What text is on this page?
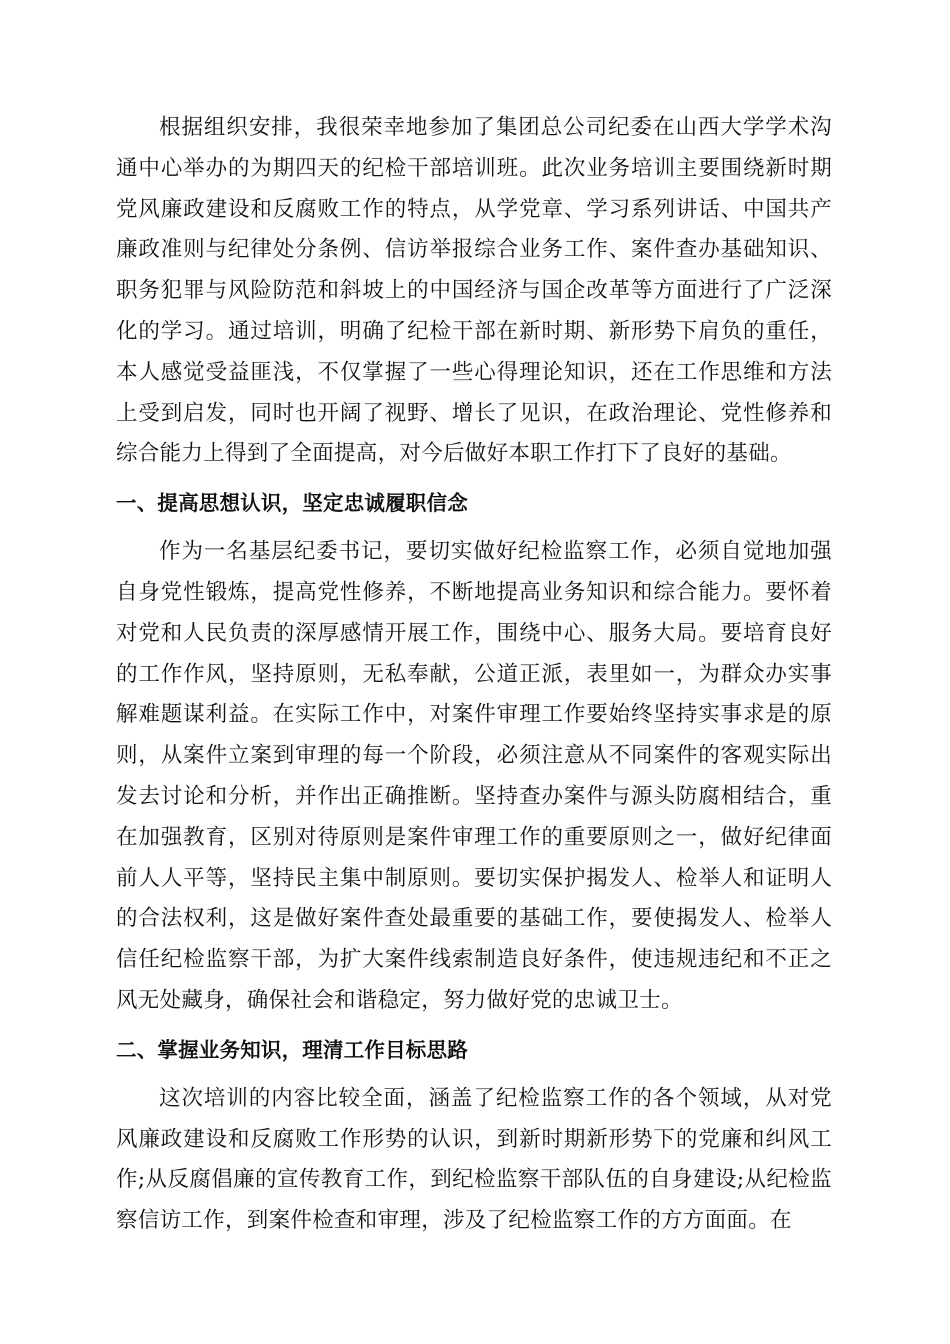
根据组织安排，我很荣幸地参加了集团总公司纪委在山西大学学术沟通中心举办的为期四天的纪检干部培训班。此次业务培训主要围绕新时期党风廉政建设和反腐败工作的特点，从学党章、学习系列讲话、中国共产廉政准则与纪律处分条例、信访举报综合业务工作、案件查办基础知识、职务犯罪与风险防范和斜坡上的中国经济与国企改革等方面进行了广泛深化的学习。通过培训，明确了纪检干部在新时期、新形势下肩负的重任，本人感觉受益匪浅，不仅掌握了一些心得理论知识，还在工作思维和方法上受到启发，同时也开阔了视野、增长了见识，在政治理论、党性修养和综合能力上得到了全面提高，对今后做好本职工作打下了良好的基础。

一、提高思想认识，坚定忠诚履职信念

作为一名基层纪委书记，要切实做好纪检监察工作，必须自觉地加强自身党性锻炼，提高党性修养，不断地提高业务知识和综合能力。要怀着对党和人民负责的深厚感情开展工作，围绕中心、服务大局。要培育良好的工作作风，坚持原则，无私奉献，公道正派，表里如一，为群众办实事解难题谋利益。在实际工作中，对案件审理工作要始终坚持实事求是的原则，从案件立案到审理的每一个阶段，必须注意从不同案件的客观实际出发去讨论和分析，并作出正确推断。坚持查办案件与源头防腐相结合，重在加强教育，区别对待原则是案件审理工作的重要原则之一，做好纪律面前人人平等，坚持民主集中制原则。要切实保护揭发人、检举人和证明人的合法权利，这是做好案件查处最重要的基础工作，要使揭发人、检举人信任纪检监察干部，为扩大案件线索制造良好条件，使违规违纪和不正之风无处藏身，确保社会和谐稳定，努力做好党的忠诚卫士。

二、掌握业务知识，理清工作目标思路

这次培训的内容比较全面，涵盖了纪检监察工作的各个领域，从对党风廉政建设和反腐败工作形势的认识，到新时期新形势下的党廉和纠风工作;从反腐倡廉的宣传教育工作，到纪检监察干部队伍的自身建设;从纪检监察信访工作，到案件检查和审理，涉及了纪检监察工作的方方面面。在
